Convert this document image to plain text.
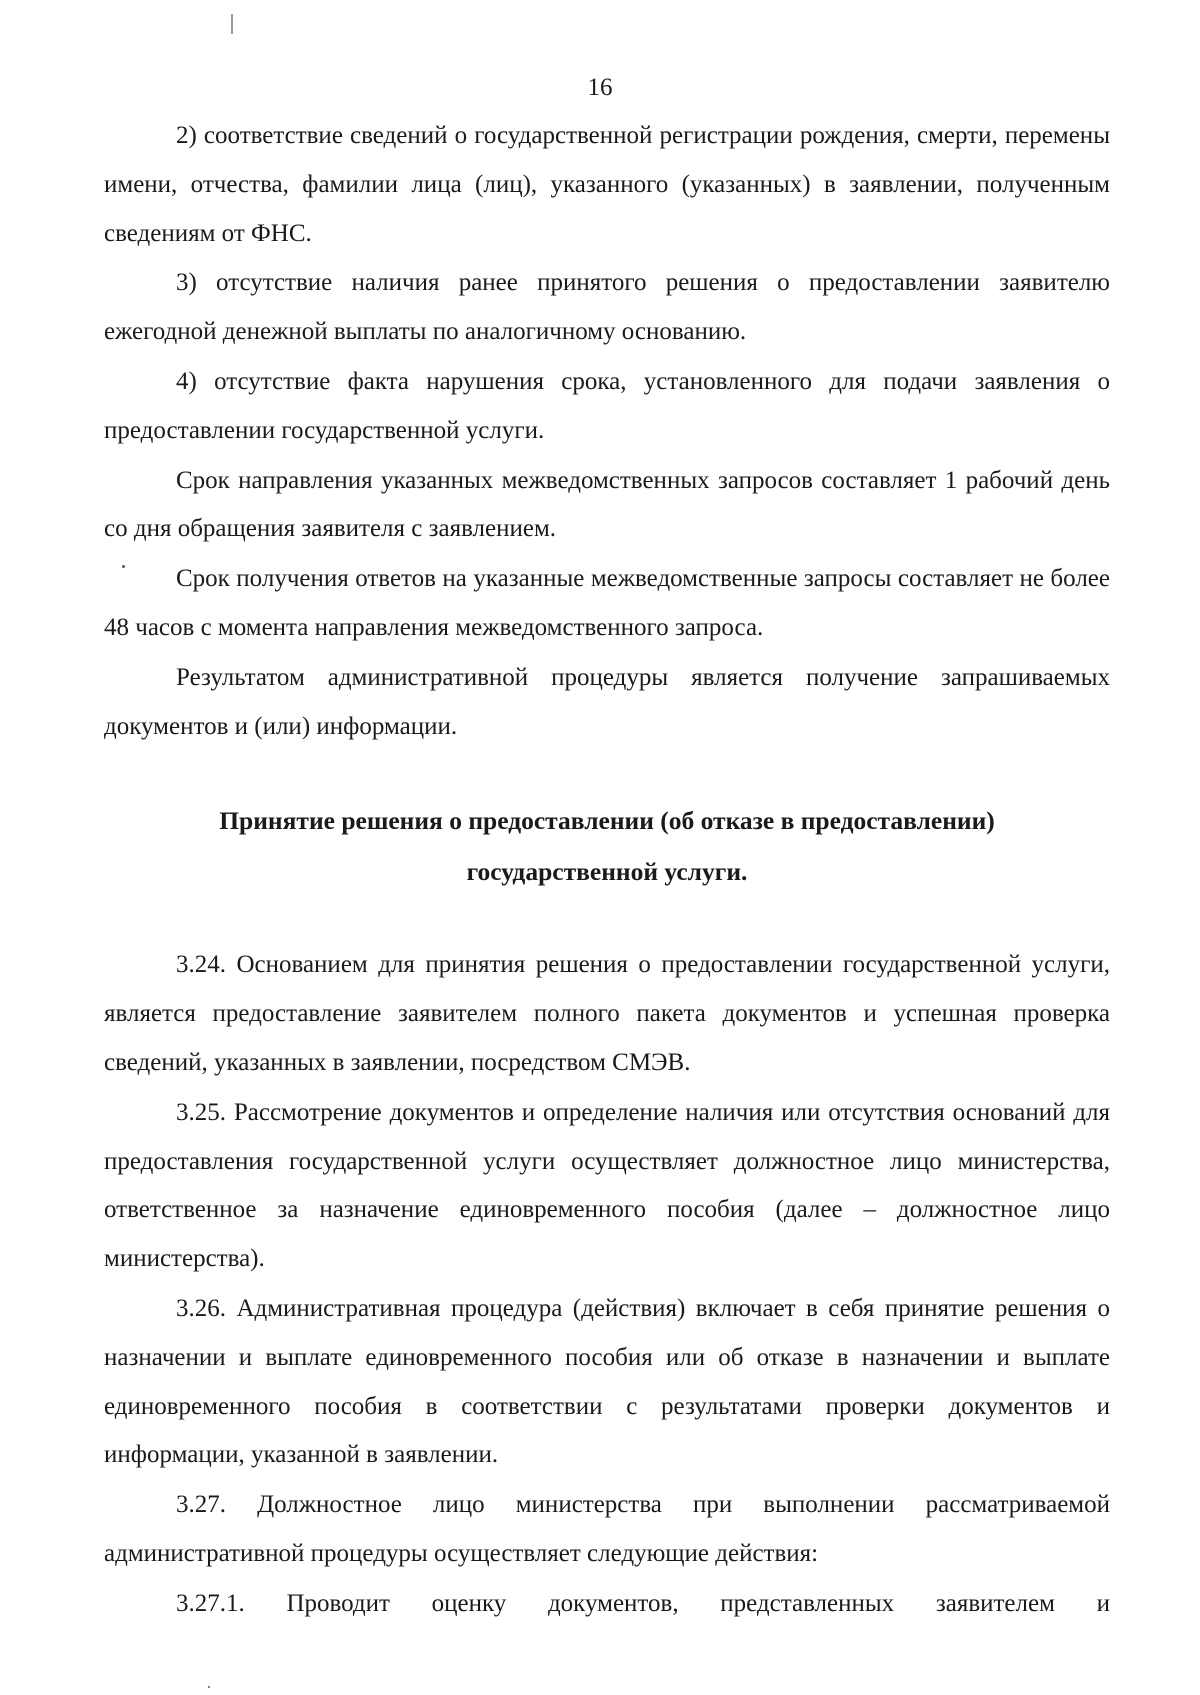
16

2) соответствие сведений о государственной регистрации рождения, смерти, перемены имени, отчества, фамилии лица (лиц), указанного (указанных) в заявлении, полученным сведениям от ФНС.

3) отсутствие наличия ранее принятого решения о предоставлении заявителю ежегодной денежной выплаты по аналогичному основанию.

4) отсутствие факта нарушения срока, установленного для подачи заявления о предоставлении государственной услуги.

Срок направления указанных межведомственных запросов составляет 1 рабочий день со дня обращения заявителя с заявлением.

Срок получения ответов на указанные межведомственные запросы составляет не более 48 часов с момента направления межведомственного запроса.

Результатом административной процедуры является получение запрашиваемых документов и (или) информации.

Принятие решения о предоставлении (об отказе в предоставлении)
государственной услуги.

3.24. Основанием для принятия решения о предоставлении государственной услуги, является предоставление заявителем полного пакета документов и успешная проверка сведений, указанных в заявлении, посредством СМЭВ.

3.25. Рассмотрение документов и определение наличия или отсутствия оснований для предоставления государственной услуги осуществляет должностное лицо министерства, ответственное за назначение единовременного пособия (далее – должностное лицо министерства).

3.26. Административная процедура (действия) включает в себя принятие решения о назначении и выплате единовременного пособия или об отказе в назначении и выплате единовременного пособия в соответствии с результатами проверки документов и информации, указанной в заявлении.

3.27. Должностное лицо министерства при выполнении рассматриваемой административной процедуры осуществляет следующие действия:

3.27.1. Проводит оценку документов, представленных заявителем и
